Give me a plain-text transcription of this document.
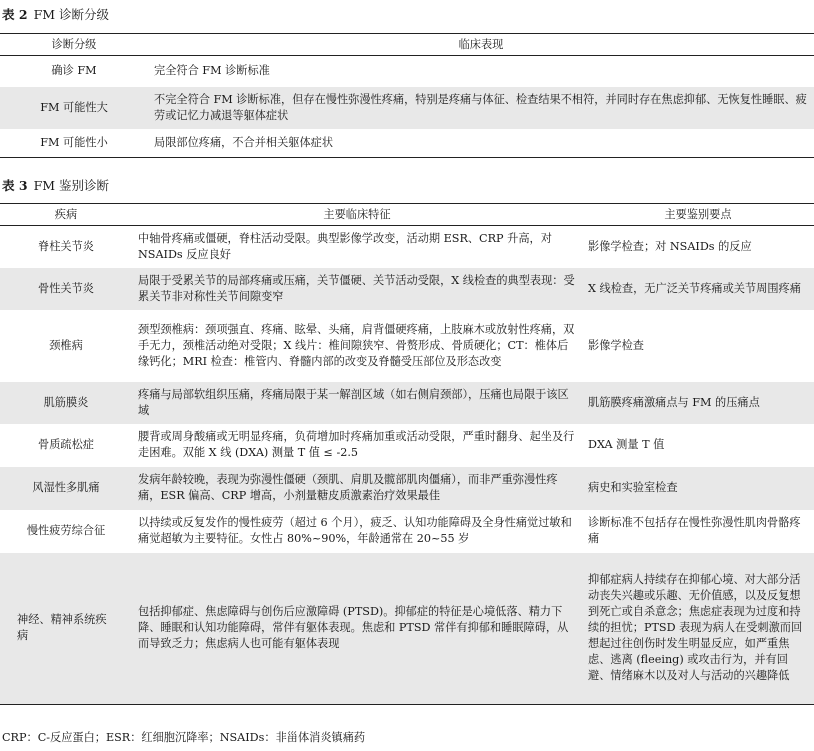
表 2 FM 诊断分级
诊断分级	临床表现
确诊 FM	完全符合 FM 诊断标准
FM 可能性大	不完全符合 FM 诊断标准，但存在慢性弥漫性疼痛，特别是疼痛与体征、检查结果不相符，并同时存在焦虑抑郁、无恢复性睡眠、疲劳或记忆力减退等躯体症状
FM 可能性小	局限部位疼痛，不合并相关躯体症状
表 3 FM 鉴别诊断
疾病	主要临床特征	主要鉴别要点
脊柱关节炎	中轴骨疼痛或僵硬，脊柱活动受限。典型影像学改变，活动期 ESR、CRP 升高，对 NSAIDs 反应良好	影像学检查；对 NSAIDs 的反应
骨性关节炎	局限于受累关节的局部疼痛或压痛，关节僵硬、关节活动受限，X 线检查的典型表现：受累关节非对称性关节间隙变窄	X 线检查，无广泛关节疼痛或关节周围疼痛
颈椎病	颈型颈椎病：颈项强直、疼痛、眩晕、头痛，肩背僵硬疼痛，上肢麻木或放射性疼痛，双手无力，颈椎活动绝对受限；X 线片：椎间隙狭窄、骨赘形成、骨质硬化；CT：椎体后缘钙化；MRI 检查：椎管内、脊髓内部的改变及脊髓受压部位及形态改变	影像学检查
肌筋膜炎	疼痛与局部软组织压痛，疼痛局限于某一解剖区域（如右侧肩颈部），压痛也局限于该区域	肌筋膜疼痛激痛点与 FM 的压痛点
骨质疏松症	腰背或周身酸痛或无明显疼痛，负荷增加时疼痛加重或活动受限，严重时翻身、起坐及行走困难。双能 X 线 (DXA) 测量 T 值 ≤ -2.5	DXA 测量 T 值
风湿性多肌痛	发病年龄较晚，表现为弥漫性僵硬（颈肌、肩肌及髋部肌肉僵痛），而非严重弥漫性疼痛，ESR 偏高、CRP 增高，小剂量糖皮质激素治疗效果最佳	病史和实验室检查
慢性疲劳综合征	以持续或反复发作的慢性疲劳（超过 6 个月），疲乏、认知功能障碍及全身性痛觉过敏和痛觉超敏为主要特征。女性占 80%~90%，年龄通常在 20~55 岁	诊断标准不包括存在慢性弥漫性肌肉骨骼疼痛
神经、精神系统疾病	包括抑郁症、焦虑障碍与创伤后应激障碍 (PTSD)。抑郁症的特征是心境低落、精力下降、睡眠和认知功能障碍，常伴有躯体表现。焦虑和 PTSD 常伴有抑郁和睡眠障碍，从而导致乏力；焦虑病人也可能有躯体表现	抑郁症病人持续存在抑郁心境、对大部分活动丧失兴趣或乐趣、无价值感，以及反复想到死亡或自杀意念；焦虑症表现为过度和持续的担忧；PTSD 表现为病人在受刺激而回想起过往创伤时发生明显反应，如严重焦虑、逃离 (fleeing) 或攻击行为，并有回避、情绪麻木以及对人与活动的兴趣降低
CRP：C-反应蛋白；ESR：红细胞沉降率；NSAIDs：非甾体消炎镇痛药
